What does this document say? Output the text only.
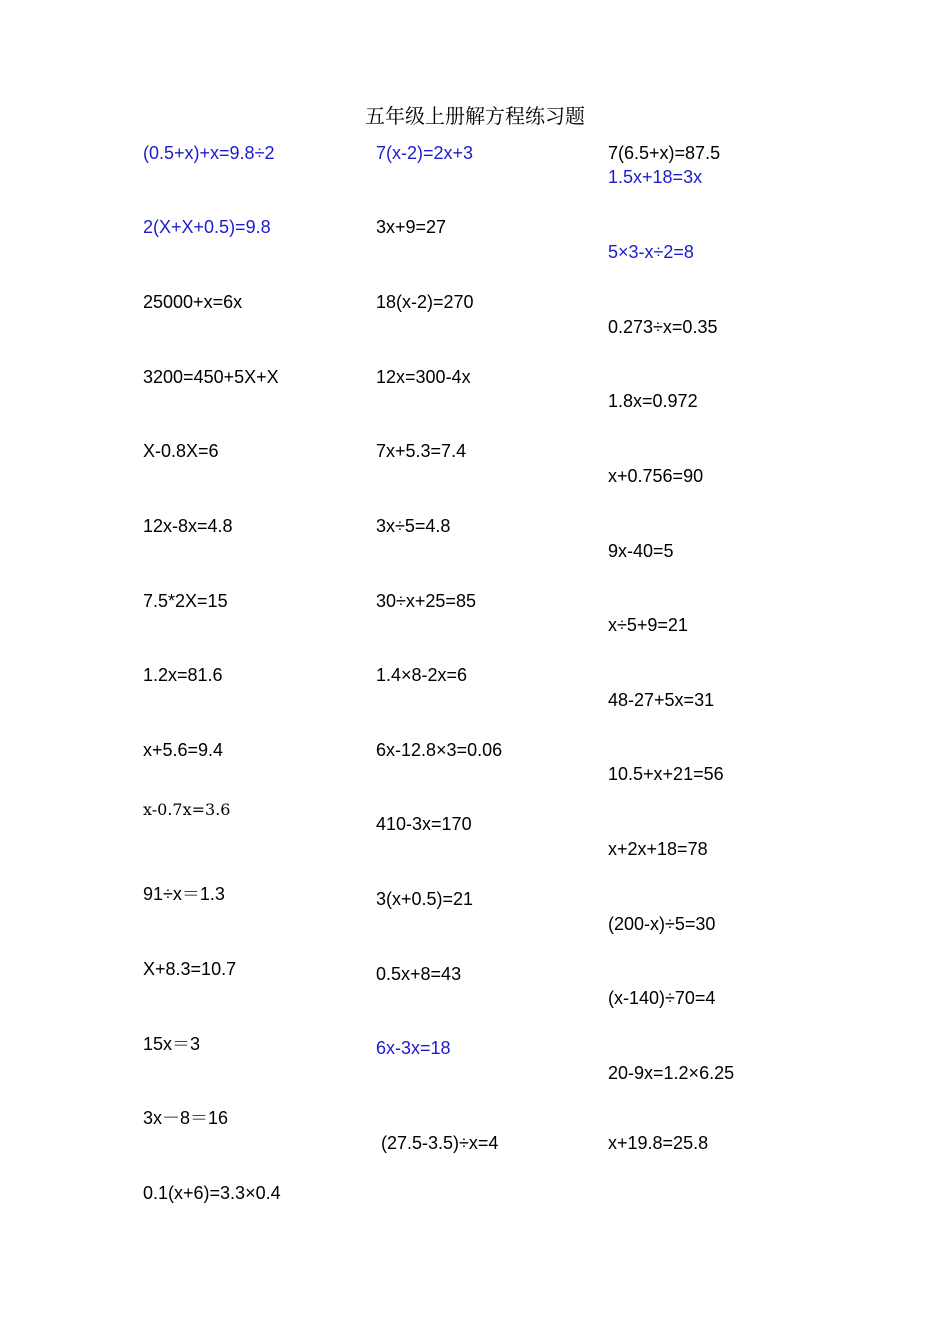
五年级上册解方程练习题
(0.5+x)+x=9.8÷2
2(X+X+0.5)=9.8
25000+x=6x
3200=450+5X+X
X-0.8X=6
12x-8x=4.8
7.5*2X=15
1.2x=81.6
x+5.6=9.4
x-0.7x=3.6
91÷x＝1.3
X+8.3=10.7
15x＝3
3x－8＝16
0.1(x+6)=3.3×0.4
7(x-2)=2x+3
3x+9=27
18(x-2)=270
12x=300-4x
7x+5.3=7.4
3x÷5=4.8
30÷x+25=85
1.4×8-2x=6
6x-12.8×3=0.06
410-3x=170
3(x+0.5)=21
0.5x+8=43
6x-3x=18
(27.5-3.5)÷x=4
7(6.5+x)=87.5
1.5x+18=3x
5×3-x÷2=8
0.273÷x=0.35
1.8x=0.972
x+0.756=90
9x-40=5
x÷5+9=21
48-27+5x=31
10.5+x+21=56
x+2x+18=78
(200-x)÷5=30
(x-140)÷70=4
20-9x=1.2×6.25
x+19.8=25.8
